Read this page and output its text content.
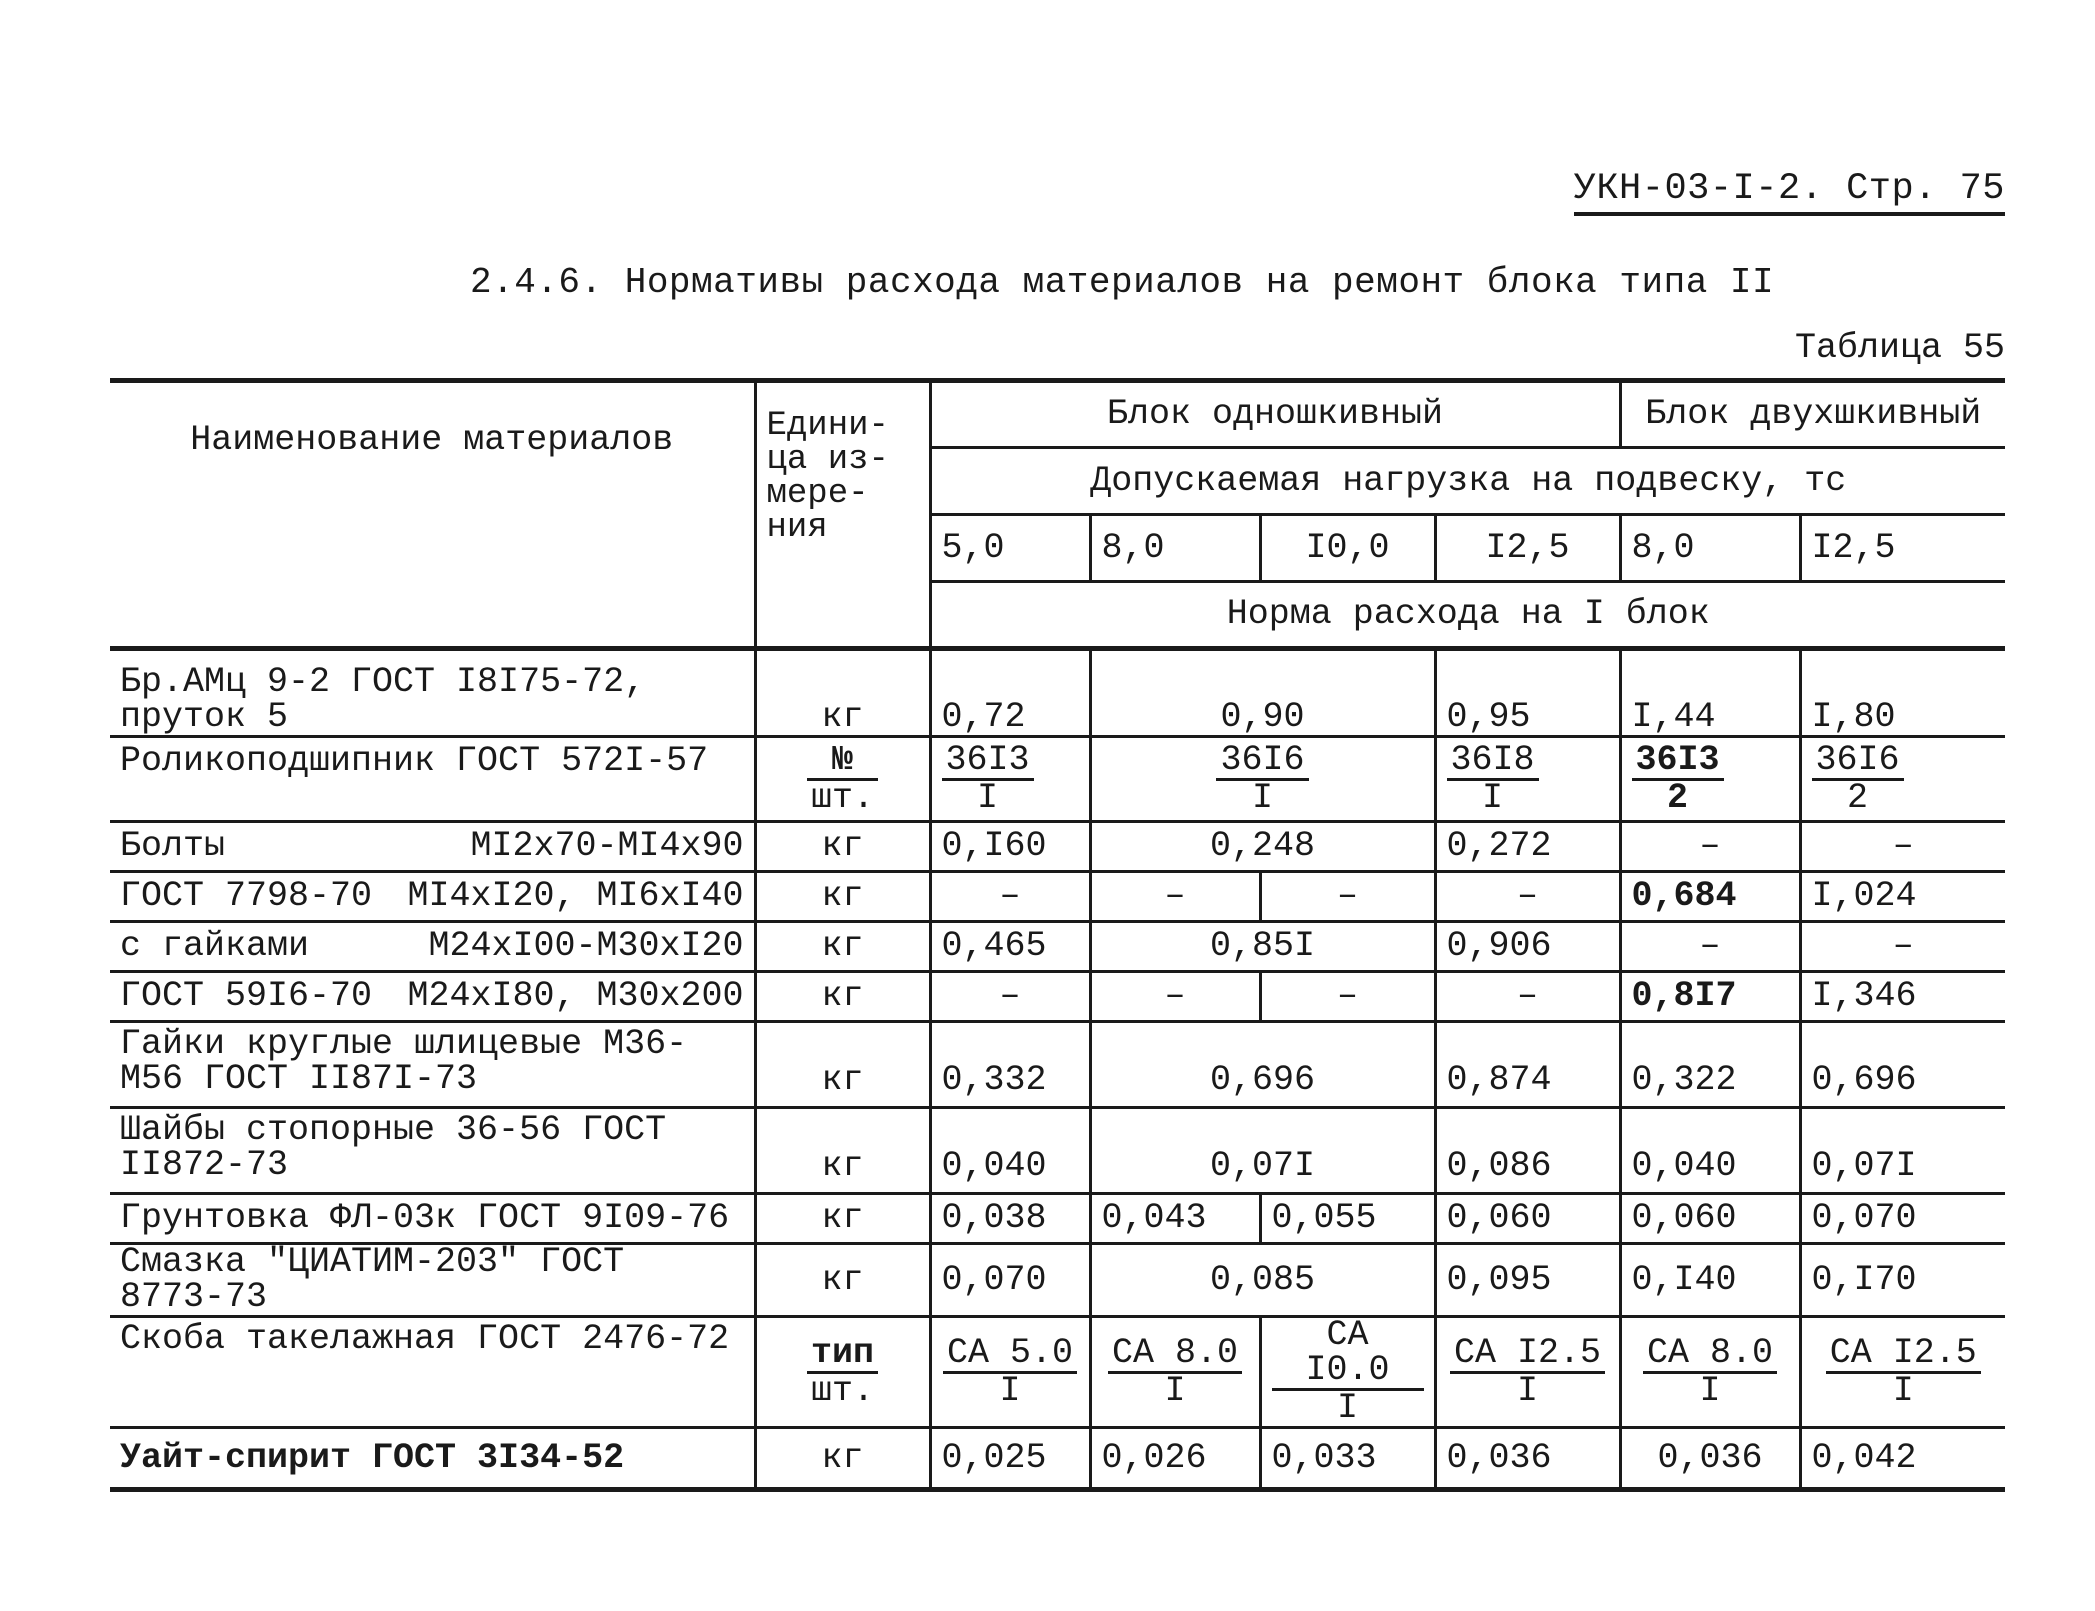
УКН-03-I-2. Стр. 75
2.4.6. Нормативы расхода материалов на ремонт блока типа II
Таблица 55
Наименование материалов	Едини-
ца из-
мере-
ния	Блок одношкивный				Блок двухшкивный	
		Допускаемая нагрузка на подвеску, тс					
		5,0	8,0	I0,0	I2,5	8,0	I2,5
		Норма расхода на I блок					
Бр.АМц 9-2 ГОСТ I8I75-72, пруток 5	кг	0,72	0,90		0,95	I,44	I,80
Роликоподшипник ГОСТ 572I-57	$\frac{№}{шт.}$	$\frac{36I3}{I}$	$\frac{36I6}{I}$		$\frac{36I8}{I}$	$\frac{36I3}{2}$	$\frac{36I6}{2}$

Болты MI2x70-MI4x90	кг	0,I60	0,248		0,272	–	–

ГОСТ 7798-70 MI4xI20, MI6xI40	кг	–	–	–	–	0,684	I,024

с гайками M24xI00-M30xI20	кг	0,465	0,85I		0,906	–	–

ГОСТ 59I6-70 M24xI80, M30x200	кг	–	–	–	–	0,8I7	I,346
Гайки круглые шлицевые M36-M56 ГОСТ II87I-73	кг	0,332	0,696		0,874	0,322	0,696
Шайбы стопорные 36-56 ГОСТ II872-73	кг	0,040	0,07I		0,086	0,040	0,07I
Грунтовка ФЛ-03к ГОСТ 9I09-76	кг	0,038	0,043	0,055	0,060	0,060	0,070
Смазка "ЦИАТИМ-203" ГОСТ 8773-73	кг	0,070	0,085		0,095	0,I40	0,I70
Скоба такелажная ГОСТ 2476-72	$\frac{\text{тип}}{шт.}$	$\frac{CA 5.0}{I}$	$\frac{CA 8.0}{I}$	$\frac{\text{CA I0.0}}{I}$	$\frac{\text{CA I2.5}}{I}$	$\frac{CA 8.0}{I}$	$\frac{\text{CA I2.5}}{I}$

Уайт-спирит ГОСТ 3I34-52	кг	0,025	0,026	0,033	0,036	0,036	0,042
